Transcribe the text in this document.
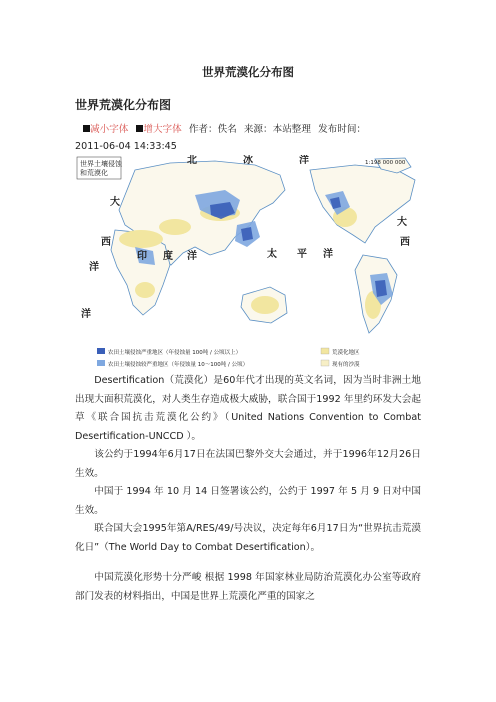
世界荒漠化分布图
世界荒漠化分布图
减小字体 增大字体 作者：佚名 来源：本站整理 发布时间：
2011-06-04 14:33:45
世界土壤侵蚀
和荒漠化
1:198 000 000
北	冰	洋
大
大
西	西
洋
印 度 洋	太 平 洋
洋
农田土壤侵蚀严重地区（年侵蚀量 100吨 / 公顷以上）
农田土壤侵蚀较严重地区（年侵蚀量 10～100吨 / 公顷）
荒漠化地区
现有的沙漠

Desertification（荒漠化）是60年代才出现的英文名词，因为当时非洲土地出现大面积荒漠化，对人类生存造成极大威胁，联合国于1992 年里约环发大会起草《联合国抗击荒漠化公约》（United Nations Convention to Combat Desertification-UNCCD ）。

该公约于1994年6月17日在法国巴黎外交大会通过，并于1996年12月26日生效。

中国于 1994 年 10 月 14 日签署该公约，公约于 1997 年 5 月 9 日对中国生效。

联合国大会1995年第A/RES/49/号决议，决定每年6月17日为“世界抗击荒漠化日”（The World Day to Combat Desertification）。

中国荒漠化形势十分严峻 根据 1998 年国家林业局防治荒漠化办公室等政府部门发表的材料指出，中国是世界上荒漠化严重的国家之
